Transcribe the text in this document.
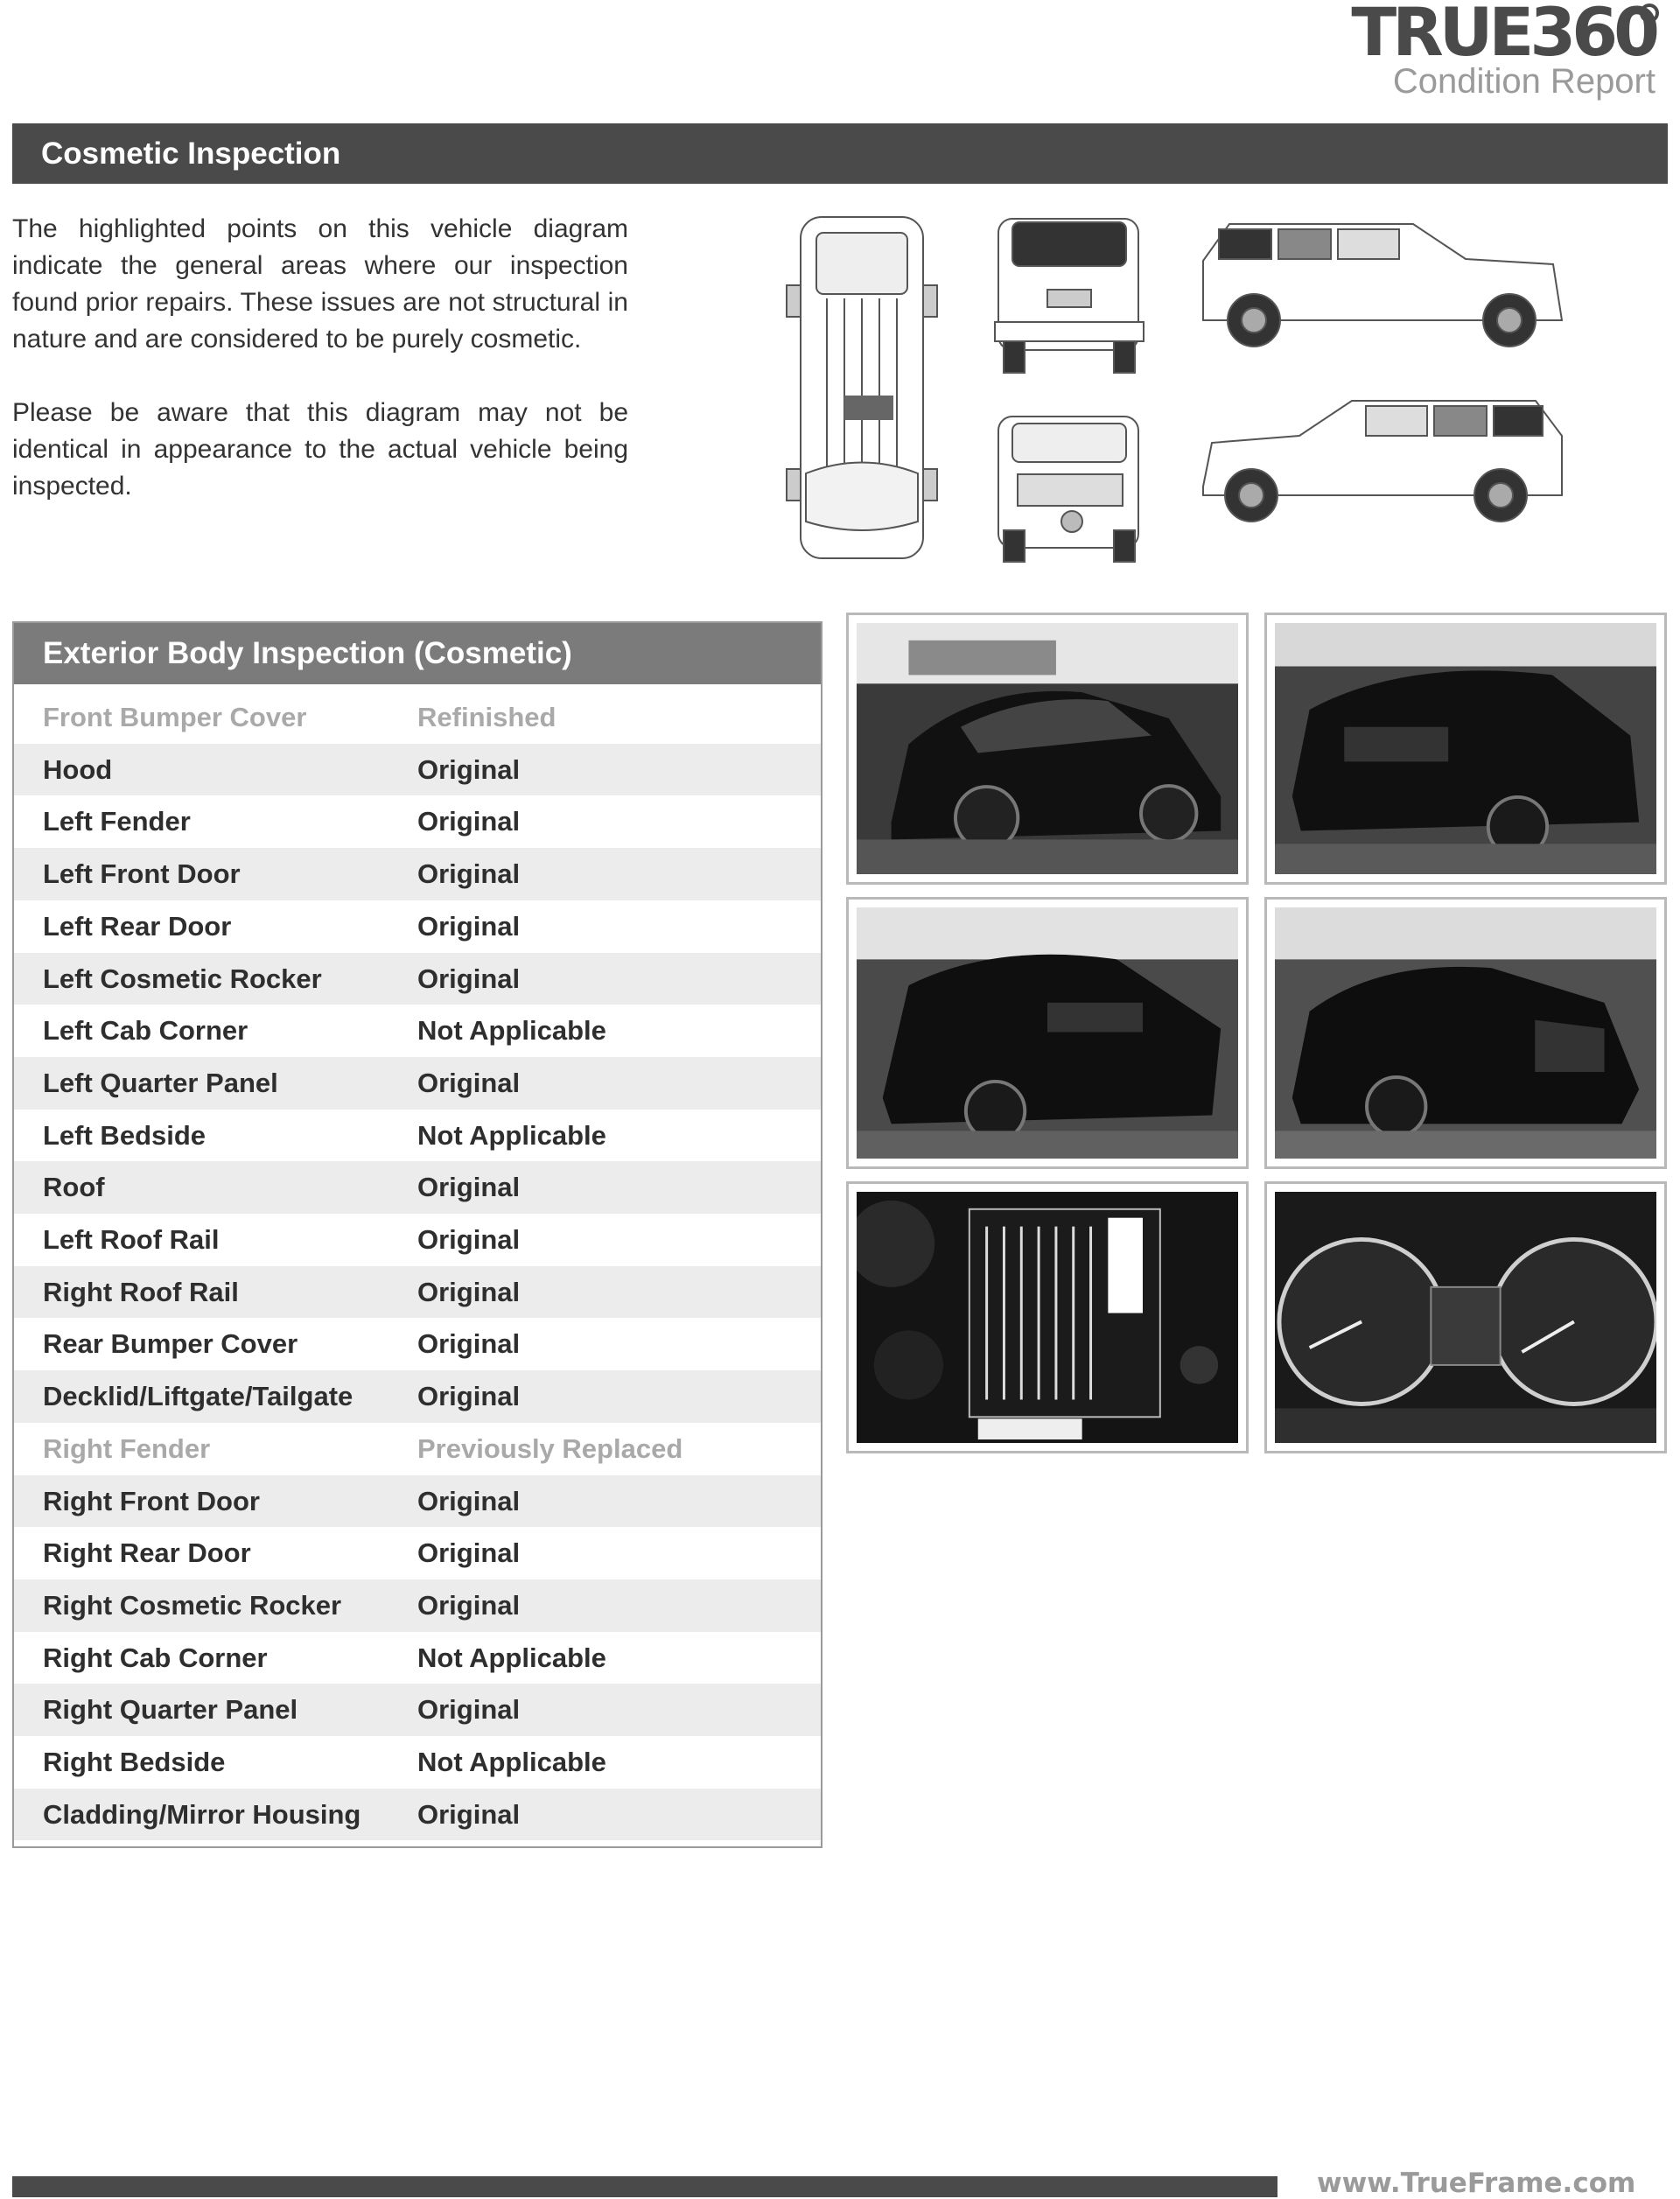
TRUE360
Condition Report
Cosmetic Inspection

The highlighted points on this vehicle diagram indicate the general areas where our inspection found prior repairs. These issues are not structural in nature and are considered to be purely cosmetic.

Please be aware that this diagram may not be identical in appearance to the actual vehicle being inspected.

Exterior Body Inspection (Cosmetic)
Front Bumper Cover	Refinished
Hood	Original
Left Fender	Original
Left Front Door	Original
Left Rear Door	Original
Left Cosmetic Rocker	Original
Left Cab Corner	Not Applicable
Left Quarter Panel	Original
Left Bedside	Not Applicable
Roof	Original
Left Roof Rail	Original
Right Roof Rail	Original
Rear Bumper Cover	Original
Decklid/Liftgate/Tailgate Original
Right Fender	Previously Replaced
Right Front Door	Original
Right Rear Door	Original
Right Cosmetic Rocker	Original
Right Cab Corner	Not Applicable
Right Quarter Panel	Original
Right Bedside	Not Applicable
Cladding/Mirror Housing Original
www.TrueFrame.com
